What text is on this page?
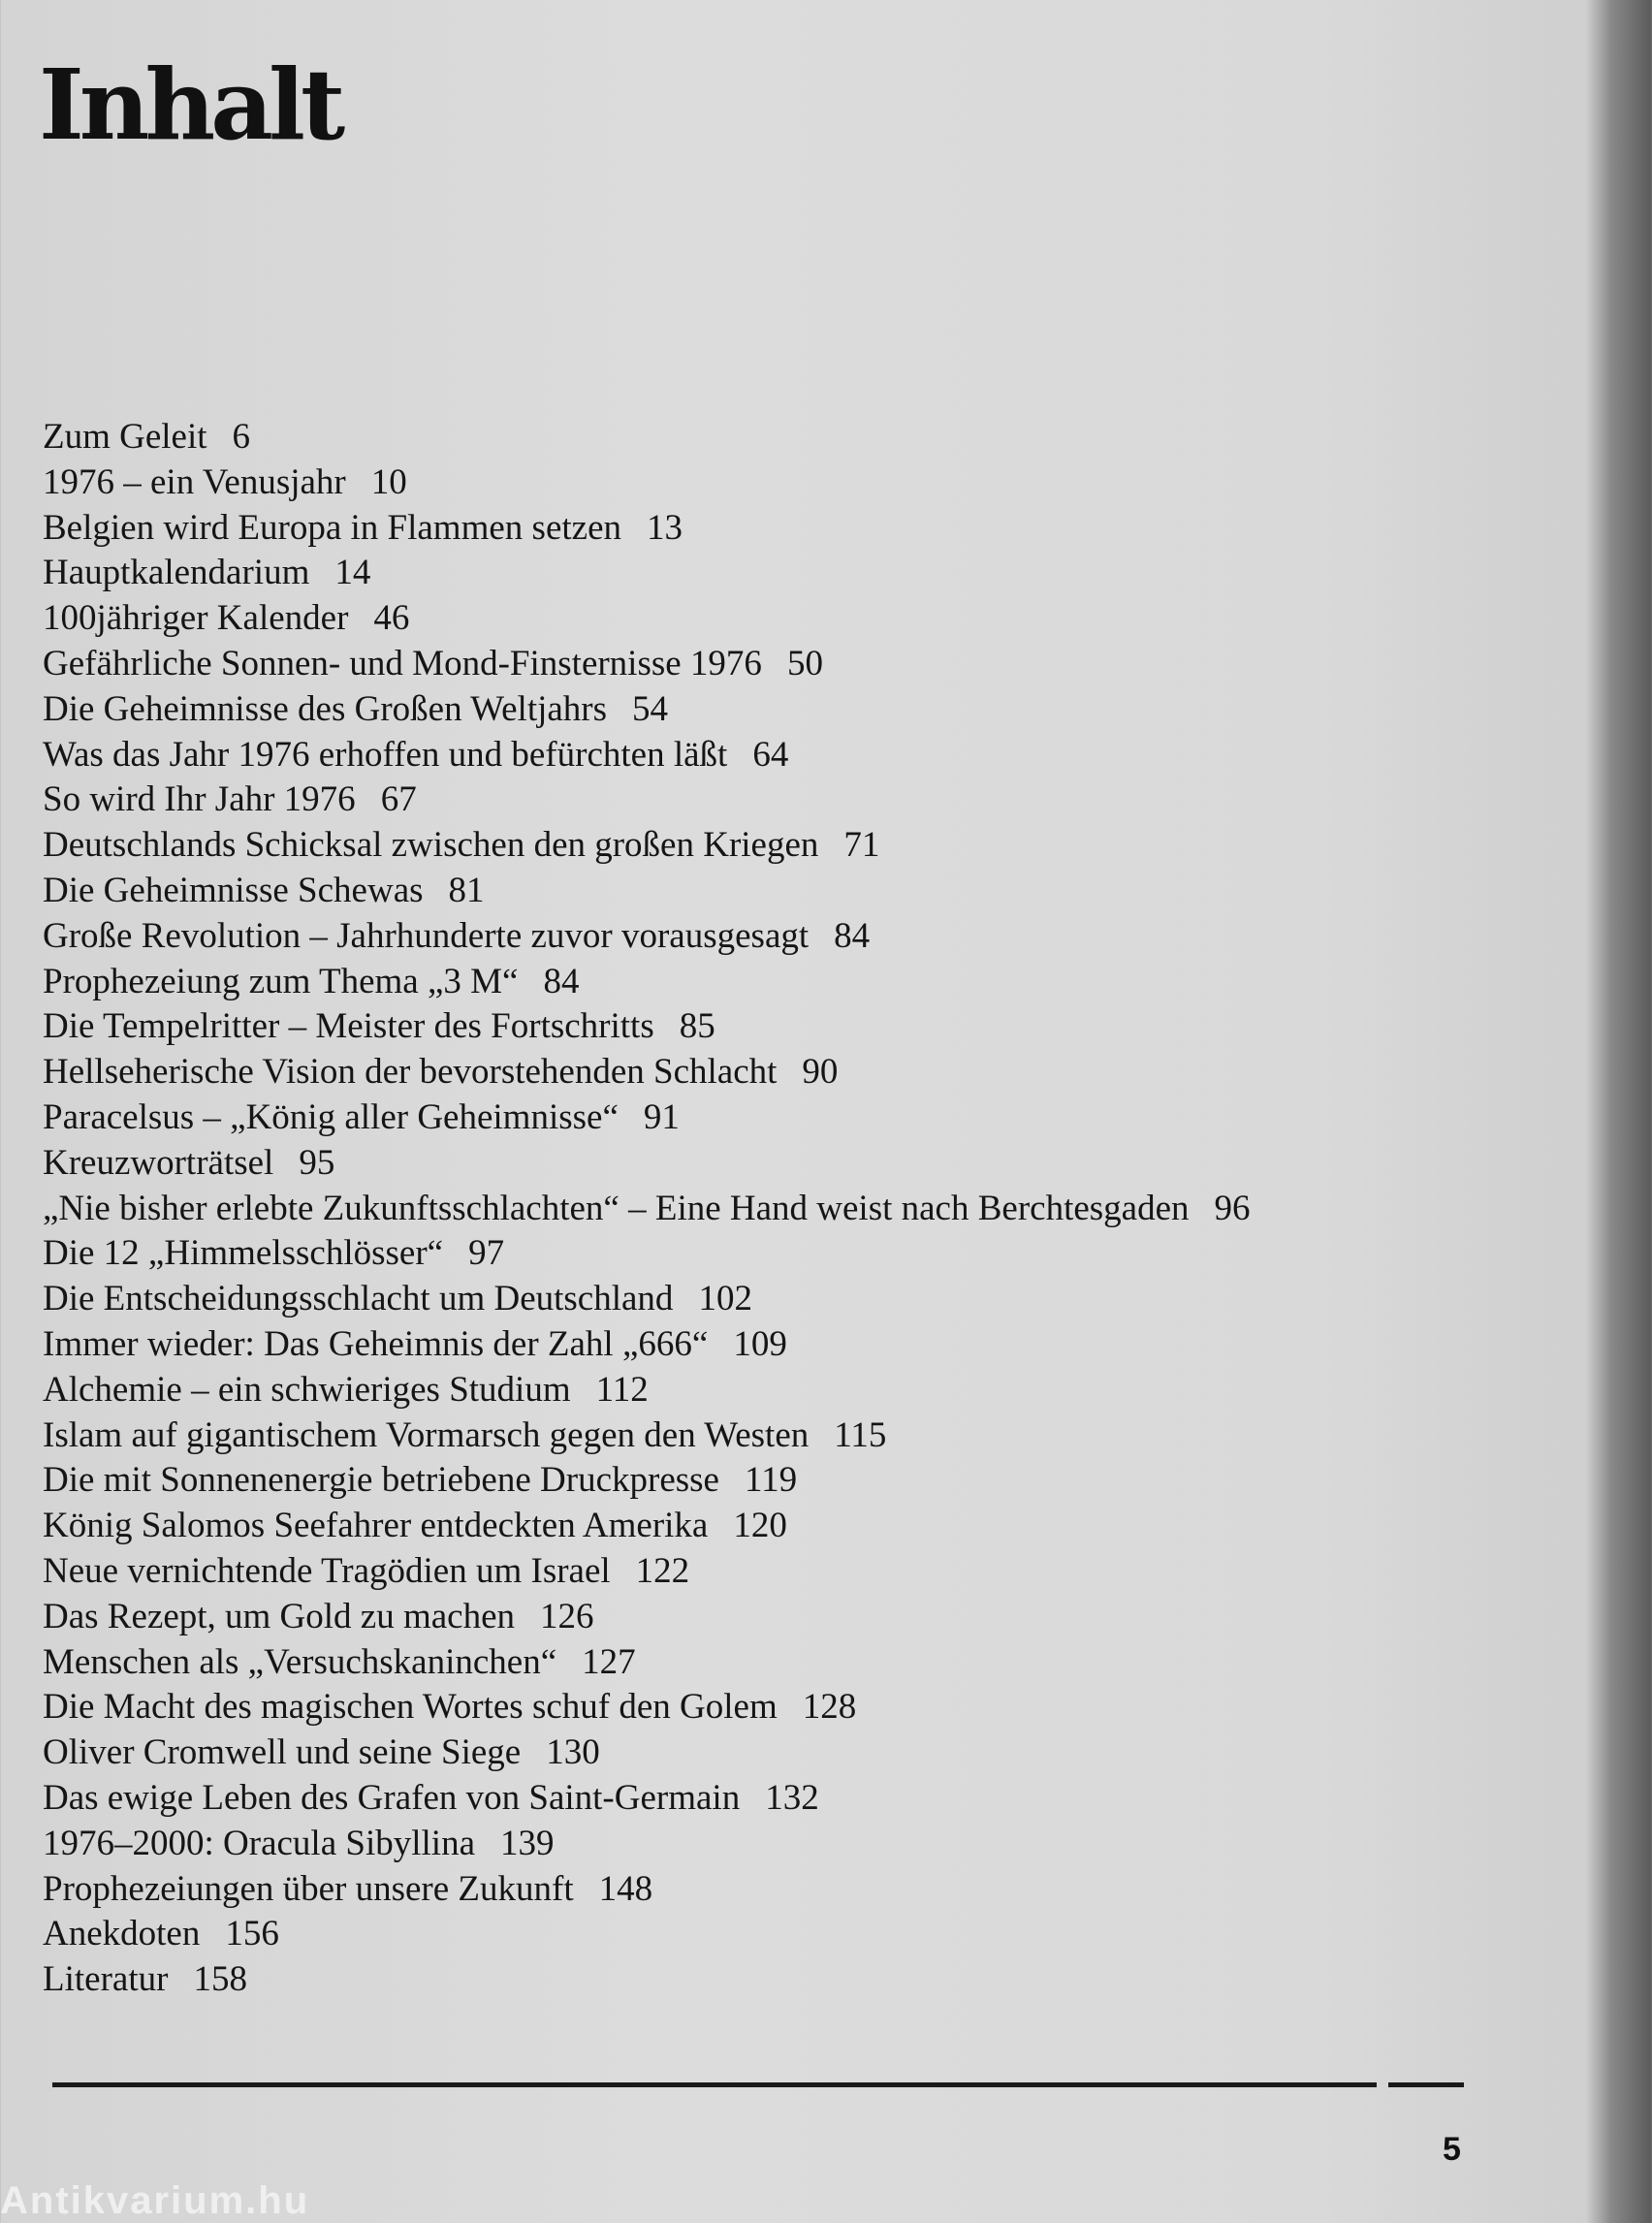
Inhalt
Zum Geleit 6
1976 – ein Venusjahr 10
Belgien wird Europa in Flammen setzen 13
Hauptkalendarium 14
100jähriger Kalender 46
Gefährliche Sonnen- und Mond-Finsternisse 1976 50
Die Geheimnisse des Großen Weltjahrs 54
Was das Jahr 1976 erhoffen und befürchten läßt 64
So wird Ihr Jahr 1976 67
Deutschlands Schicksal zwischen den großen Kriegen 71
Die Geheimnisse Schewas 81
Große Revolution – Jahrhunderte zuvor vorausgesagt 84
Prophezeiung zum Thema „3 M“ 84
Die Tempelritter – Meister des Fortschritts 85
Hellseherische Vision der bevorstehenden Schlacht 90
Paracelsus – „König aller Geheimnisse“ 91
Kreuzworträtsel 95
„Nie bisher erlebte Zukunftsschlachten“ – Eine Hand weist nach Berchtesgaden 96
Die 12 „Himmelsschlösser“ 97
Die Entscheidungsschlacht um Deutschland 102
Immer wieder: Das Geheimnis der Zahl „666“ 109
Alchemie – ein schwieriges Studium 112
Islam auf gigantischem Vormarsch gegen den Westen 115
Die mit Sonnenenergie betriebene Druckpresse 119
König Salomos Seefahrer entdeckten Amerika 120
Neue vernichtende Tragödien um Israel 122
Das Rezept, um Gold zu machen 126
Menschen als „Versuchskaninchen“ 127
Die Macht des magischen Wortes schuf den Golem 128
Oliver Cromwell und seine Siege 130
Das ewige Leben des Grafen von Saint-Germain 132
1976–2000: Oracula Sibyllina 139
Prophezeiungen über unsere Zukunft 148
Anekdoten 156
Literatur 158
5
Antikvarium.hu
